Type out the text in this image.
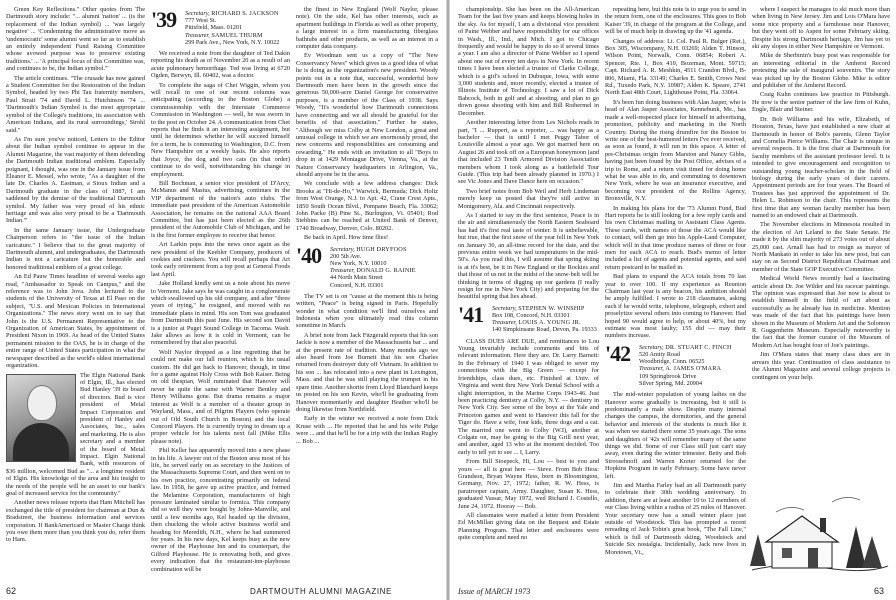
Green Key Reflections." Other quotes from The Dartmouth story include: "... alumni 'nation' ... (is the replacement of the Indian symbol) ... 'was largely negative' ... 'Condemning the administrative move as 'undemocratic' some alumni went so far as to establish an entirely independent Fund Raising Committee whose avowed purpose was to preserve existing traditions.' ... 'A principal focus of this Committee was, and continues to be, the Indian symbol.'"

The article continues. "The crusade has now gained a Student Committee for the Restoration of the Indian Symbol, headed by two Phi Tau fraternity members, Paul Strait '74 and David L. Hutchinson '74 ... 'Dartmouth's Indian Symbol is the most appropriate symbol of the College's traditions, its association with American Indians, and its rural surroundings,' Strohl said."

As I'm sure you've noticed, Letters to the Editor about the Indian symbol continue to appear in the Alumni Magazine, the vast majority of them defending the Dartmouth Indian traditional emblem. Especially poignant, I thought, was one in the January issue from Eleanor E. Messel, who wrote, "As a daughter of the late Dr. Charles A. Eastman, a Sioux Indian and a Dartmouth graduate in the class of 1887, I am saddened by the demise of the traditional Dartmouth symbol. My father was very proud of his ethnic heritage and was also very proud to be a 'Dartmouth Indian.'"

In the same January issue, the Undergraduate Chairperson refers to "the issue of the Indian caricature." I believe that to the great majority of Dartmouth alumni, and undergraduates, the Dartmouth Indian is not a caricature but the honorable and honored traditional emblem of a great college.

An Ed Pauw Times headline of several weeks ago read, "Ambassador to Speak on Campus," and the reference was to John Jova. John lectured to the students of the University of Texas at El Paso on the subject, "U.S. and Mexican Policies in International Organizations." The news story went on to say that John is the U.S. Permanent Representative to the Organization of American States, by appointment of President Nixon in 1969. As head of the United States permanent mission to the OAS, he is in charge of the entire range of United States participation in what the newspaper described as the world's oldest international organization.

The Elgin National Bank of Elgin, Ill., has elected Bud Hanley '39 its board of directors. Bud is vice president of Metal Impact Corporation and president of Hanley and Associates, Inc., sales and marketing. He is also secretary and a member of the board of Metal Impact. Elgin National Bank, with resources of $36 million, welcomed Bud as "... a longtime resident of Elgin. His knowledge of the area and his insight to the needs of the people will be an asset to our bank's goal of increased service for the community."

Another news release reports that Ham Mitchell has exchanged the title of president for chairman at Dun & Bradstreet, the business information and services corporation. If BankAmericard or Master Charge think you owe them more than you think you do, refer them to Ham.

'39	Secretary, RICHARD S. JACKSON
777 West St.
Pittsfield, Mass. 01201
Treasurer, SAMUEL THURM
299 Park Ave., New York, N.Y. 10022

We received a note from the daughter of Ted Dakin reporting his death as of November 20 as a result of an acute pulmonary hemorrhage. Ted was living at 6720 Ogden, Berwyn, Ill. 60402, was a doctor.

To complete the saga of Chet Wiggin, whom you will recall in one of our recent columns was anticipating (according to the Boston Globe) a commissionship with the Interstate Commerce Commission in Washington — well, he was sworn in to the post on October 24. A communication from Chet reports that he finds it an interesting assignment, but until he determines whether he will succeed himself for a term, he is commuting to Washington, D.C. from New Hampshire on a weekly basis. He also reports that Joyce, the dog and two cats (in that order) continue to do well, notwithstanding his change in employment.

Bill Bochman, a senior vice president of D'Arcy, McManus and Masius, advertising, continues in the VIP department of the nation's auto clubs. The immediate past president of the American Automobile Association, he remains on the national AAA Board Committee, but has just been elected as the 26th president of the Automobile Club of Michigan, and he is the first former employee to receive that honor.

Art Larkin pops into the news once again as the new president of the Keebler Company, producers of cookies and crackers. You will recall perhaps that Art took early retirement from a top post at General Foods last April.

Jake Holland kindly sent us a note about his move to Vermont. Jake says he was caught in a conglomerate which swallowed up his old company, and after "three years of trying," he resigned, and moved with no immediate plans in mind. His son Tom was graduated from Dartmouth this past June. His second son David is a junior at Puget Sound College in Tacoma. Wash. Jake allows as how it is cold in Vermont, can be remembered by that also peaceful.

Wolf Naylor dropped as a line regretting that he could not make our fall reunion, which is his usual custom. He did get back to Hanover, though, in time for a game against Holy Cross with Bob Kaiser. Being on old thespian, Wolf ruminated that Hanover will never be quite the same with Warner Bentley and Henry Williams gone. But drama remains a major interest as Wolf is a member of a theater group in Wayland, Mass., and of Pilgrim Players (who operate out of Old South Church in Boston) and the local Concord Players. He is currently trying to dream up a proper vehicle for his talents next fall (Mike Ellis please note).

Phil Keller has apparently moved into a new phase in his life. A lawyer out of the Boston area most of his life, he served early on as secretary to the Justices of the Massachusetts Supreme Court, and then went on to his own practice, concentrating primarily on federal law. In 1958, he gave up active practice, and formed the Melamine Corporation, manufacturers of high pressure laminated similar to formica. This company did so well they were bought by Johns-Manville, and until a few months ago, Kel headed up the division, then chucking the whole active business world and heading for Meredith, N.H., where he had summered for years. In his new days, Kel keeps busy as the new owner of the Playhouse Inn and its counterpart, the Gilford Playhouse. He is renovating both, and gives every indication that the restaurant-inn-playhouse combination will be

the finest in New England (Wolf Naylor, please note). On the side, Kel has other interests, such as apartment buildings in Florida as well as other property, a large interest in a firm manufacturing fiberglass bathtubs and other products, as well as an interest in a computer data company.

Ev Woodman sent us a copy of "The New Conservancy News" which gives us a good idea of what he is doing as the organization's new president. Woody points out in a note that, successful, wonderful how Dartmouth men have been in the growth since the generous 50,000-acre Daniel George for conservative purposes, is a member of the Class of 1938. Says Woody, "It's wonderful how Dartmouth connections have connecting and we all should be grateful for the benefits of that association." Further he states, "Although we miss Colby at New London, a great and unusual college in which we are enormously proud, the new concerns and responsibilities are consuming and rewarding." He ends with an invitation to all "Boys to drop in at 1429 Montague Drive, Vienna, Va., at the Nature Conservancy headquarters in Arlington, Va., should anyone be in the area.

We conclude with a few address changes: Dick Brooks at "Hi-de-Ho," Warwick, Bermuda; Dick Holtz from West Orange, N.J. to Apt. 42, Crane Crest Apts., 1850 South Ocean Blvd., Pompano Beach, Fla. 33062; John Packe (B) Pine St., Burlington, Vt. 05401; Rod Stebbins can be reached at United Bank of Denver, 1740 Broadway, Denver, Colo. 80202.

Be back in April. How time flies!

'40	Secretary, HUGH DRYFOOS
200 5th Ave.
New York, N.Y. 10010
Treasurer, DONALD G. RAINIE
44 North Main Street
Concord, N.H. 03301

The TV set is on "cause at the moment this is being written, "Peace" is being signed in Paris. Hopefully wonder in what condition we'll find ourselves and Indonesia when you ultimately read this column sometime in March.

A brief note from Jack Fitzgerald reports that his son Jackie is now a member of the Massachusetts bar ... and at the present rate of tradition. Many months ago we also heard from Joe Burnett that his son Charles returned from destroyer duty off Vietnam. In addition to his son ... has relocated into a new plant in Lexington, Mass. and that he was still playing the trumpet in his spare time. Another shortie from Lloyd Blanchard keeps us posted on his son Kevin, who'll be graduating from Hanover momentarily and daughter Heather who'll be doing likewise from Northfield.

Early in the winter we received a note from Dick Kruse with ... He reported that he and his wife Pidge were ... and that he'll be for a trip with the Indian Rugby ... Bob ...

62	DARTMOUTH ALUMNI MAGAZINE

championship. She has been on the All-American Team for the last five years and keeps blowing holes in the sky. As for myself, I am a divisional vice president of Paine Webber and have responsibility for our offices in Wash., Ill., Ind., and Mich. I got to Chicago frequently and would be happy to do so if several times a year. I am also a director of Paine Webber so I spend about one out of every ten days in New York. In recent times I have been elected a trustee of Clarke College, which is a girl's school in Dubuque, Iowa, with some 3,000 students and, more recently, elected a trustee of Illinois Institute of Technology. I saw a lot of Dick Babcock, both in golf and at shooting, and plan to go down goose shooting with him and Bill Rothermel in December.

Another interesting letter from Les Nichols reads in part, "I ... Ruppert, as a reporter, ... was happy as a bachelor — that is until I met Peggy Tabor of Louisville almost a year ago. We got married here on August 26 and took off on a European honeymoon (and that included 23 Tenth Armored Division Association members whom I took along as a battlefield Tour Guide. (This trip had been already planned in 1970.) I see Vic Jones and Dave Dance here on occasion."

Two brief notes from Bob Weil and Herb Lindeman merely keep us posted that they're still active in Montgomery, Ala. and Cincinnati respectively.

As I started to say in the first sentence, Peace is in the air and simultaneously the North Eastern Seaboard has had it's first real taste of winter. It is unbelievable, but true, that the first snow of the year fell in New York on January 30, an all-time record for the date, and the previous entire week we had temperatures in the mid-50's. As you read this, I will assume that spring skiing is at it's best, be it in New England or the Rockies and that those of us not in the midst of the snow-belt will be thinking in terms of digging up our gardens (I really resign for me in New York City) and preparing for the beautiful spring that lies ahead.

'41	Secretary, STEPHEN W. WINSHIP
Box 108, Concord, N.H. 03301
Treasurer, LOUIS A. YOUNG JR.
140 Simpkinsane Road, Devon, Pa. 19333

CLASS DUES ARE DUE, and remittances to Lou Young invariably include comments and bits of relevant information. Here they are. Dr. Larry Barnett: In the February of 1940 I was obliged to sever my connections with the Big Green — except for friendships, class dues, etc. Finished at Univ. of Virginia and went thru New York Dental School with a slight interruption, in the Marine Corps 1943-46. Just been practicing dentistry at Colby, N.Y. — dentistry in New York City. See some of the boys at the Yale and Princeton games and went to Hanover this fall for the Tiger do. Have a wife, four kids, three dogs and a cat. The married one went to Colby (W.I), another at Colgate on, may be going to the Big Grill next year, and another, aged 13 who at the moment decided. Too early to tell yet to see ... I, Larry.

From Bill Stoepeck, Hi, Lou — best to you and yours — all is great here — Steve. From Bob Hess: Grandson, Bryan Wayne Hess, born in Bloomington, Germany, Nov. 27, 1972; father, R. W. Hess, is paratrooper captain, Army. Daughter, Susan K. Hess, graduated Vassar, May 1972, wed Richard J. Costello, June 24, 1972. Hooray — Bob.

All classmates were mailed a letter from President Ed McMillan giving data on the Bequest and Estate Planning Program. That letter and enclosures were quite complete and need no

repeating here, but this note is to urge you to send in the return form, one of the enclosures. This goes to Bob Kaiser '39, in charge of the program at the College, and will be of much help in drawing up the '41 agenda.

Changes of address: Lt. Col. Paul R. Bulger (Ret.), Box 305, Wiscompany, N.H. 03269; Alden T. Hinson, Wilson Point, Norwalk, Conn. 06854; Robert A. Spencer, Rte. 1, Box 410, Bozeman, Mont. 59715; Capt. Richard A. R. Meshkin, 4511 Crandon Blvd., B-806, Miami, Fla. 33149; Charles E. Smith, Crows Nest Rd., Tuxedo Park, N.Y. 10987; Alden K. Speare, 2741 North East 48th Court, Lighthouse Point, Fla. 33064.

It's been fun doing business with Alan Jasper, who is head of Alan Jasper Associates, Kennebunk, Me., has made a well-respected place for himself in advertising, promotion, publicity and marketing in the North Country. During the rising drumfire for the Boston to write one of the best-humored letters I've ever received, as soon as found, it will run in this space. A letter of pre-Christmas origin from Marston and Nancy Gibbs, having just been found by the Post Office, advises of a trip to Rome, and a return visit timed for doing home what he was able to do, and commuting to downtown New York, where he was an insurance executive, and becoming vice president of the Rollins Agency, Bronxville, N.Y.

In making his plans for the '73 Alumni Fund, Bud Hart reports he is still looking for a few reply cards and his own Christmas mailing to Assistant Class Agents. These cards, with names of those the ACA would like to contact, will then go into his Apple-Land Computer, which will in that time produce names of three or four men for each ACA to reach. Bud's memo of letter included a list of agents and potential agents, and said return postcard to be mailed in.

Bud plans to expand the ACA totals from 70 last year to over 100. If my experience as Reunion Chairman last year is any beacon, his ambition should be amply fulfilled. I wrote to 218 classmates, asking each if he would write, telephone, telegraph, exhort and proselytize several others into coming to Hanover. Had hoped 90 would agree to help, or about 40%, but my estimate was most faulty; 155 did — may their numbers increase.

'42	Secretary, DR. STUART C. FINCH
520 Amity Road
Woodbridge, Conn. 06525
Treasurer, A. JAMES O'MARA
109 Springbrook Drive
Silver Spring, Md. 20904

The mid-winter population of young ladies on the Hanover scene gradually is increasing, but it still is predominantly a male show. Despite many internal changes the campus, the dormitories, and the general behavior and interests of the students is much like it was when we started there some 35 years ago. The sons and daughters of '42s will remember many of the same things we did. Some of our Class still just can't stay away, even during the winter trimester. Betty and Bob Stroosehnoff and Warren Kreter returned for the Hopkins Program in early February. Some have never left.

Jim and Martha Farley had an all Dartmouth party to celebrate their 30th wedding anniversary. In addition, there are at least another 10 to 12 members of our Class living within a radius of 25 miles of Hanover. Your secretary now has a small winter place just outside of Woodstock. This has prompted a recent rereading of Jack Tobin's great book, "The Fall Line," which is full of Dartmouth skiing, Woodstock and Suicide Six nostalgia. Incidentally, Jack now lives in Moretown, Vt.,

where I suspect he manages to ski much more than when living in New Jersey. Jim and Lois O'Mara have some nice property and a farmhouse near Hanover, but they went off to Aspen for some February skiing. Despite his strong Dartmouth heritage, Jim has yet to ski any slopes in either New Hampshire or Vermont.

Mike de Sherbinin's busy post was responsible for an interesting editorial in the Amherst Record protesting the sale of inaugural souvenirs. The story was picked up by the Boston Globe. Mike is editor and publisher of the Amherst Record.

Craig Kuhn continues law practice in Pittsburgh. He now is the senior partner of the law firm of Kuhn, Engle, Blair and Steiner.

Dr. Bob Williams and his wife, Elizabeth, of Houston, Texas, have just established a new chair at Dartmouth in honor of Bob's parents, Glenn Taylor and Cornelia Pierce Williams. The Chair is unique in several respects. It is the first chair at Dartmouth for faculty members of the assistant professor level. It is intended to give encouragement and recognition to outstanding young teacher-scholars in the field of biology during the early years of their careers. Appointment periods are for four years. The Board of Trustees has just approved the appointment of Dr. Helen L. Robinson to the chair. This represents the first time that any woman faculty member has been named to an endowed chair at Dartmouth.

The November elections in Minnesota resulted in the election of Art Leland to the State Senate. He made it by the slim majority of 273 votes out of about 25,000 cast. Arnall has had to resign as mayor of North Mankato in order to take his new post, but can stay on as Second District Republican Chairman and member of the State GOP Executive Committee.

Medical World News recently had a fascinating article about Dr. Joe Wilder and his racecar paintings. The opinion was expressed that Joe now is about to establish himself in the field of art about as successfully as he already has in medicine. Mention was made of the fact that his paintings have been shown in the Museum of Modern Art and the Solomon R. Guggenheim Museum. Especially noteworthy is the fact that the former curator of the Museum of Modern Art has bought four of Joe's paintings.

Jim O'Mara states that many class dues are in arrears this year. Continuation of class assistance to the Alumni Magazine and several college projects is contingent on your help.

Issue of MARCH 1973	63
